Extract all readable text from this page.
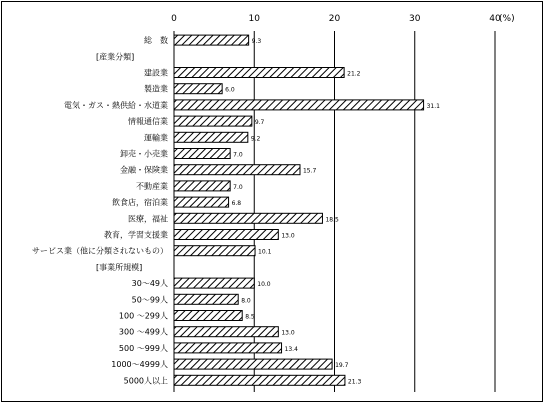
0	10	20	30	40
(%)
総　数
[産業分類]
建設業
製造業
電気・ガス・熱供給・水道業
情報通信業
運輸業
卸売・小売業
金融・保険業
不動産業
飲食店，宿泊業
医療，福祉
教育，学習支援業
サービス業（他に分類されないもの）
[事業所規模]
30～49人
50～99人
100 ～299人
300 ～499人
500 ～999人
1000～4999人
5000人以上
9.3
21.2
6.0
31.1
9.7
9.2
7.0
15.7
7.0
6.8
18.5
13.0
10.1
10.0
8.0
8.5
13.0
13.4
19.7
21.3
